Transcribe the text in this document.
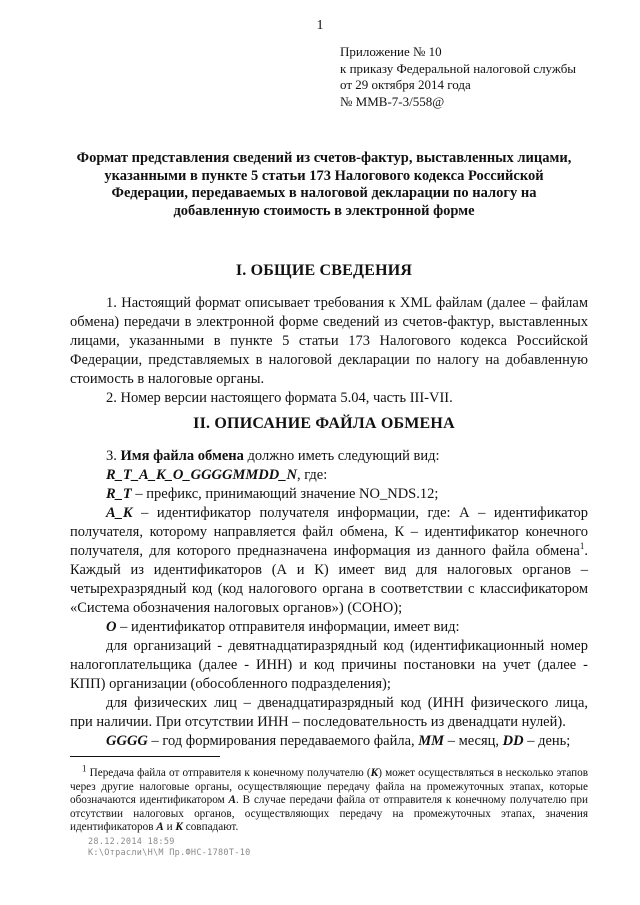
1
Приложение № 10
к приказу Федеральной налоговой службы
от 29 октября 2014 года
№ ММВ-7-3/558@
Формат представления сведений из счетов-фактур, выставленных лицами, указанными в пункте 5 статьи 173 Налогового кодекса Российской Федерации, передаваемых в налоговой декларации по налогу на добавленную стоимость в электронной форме
I. ОБЩИЕ СВЕДЕНИЯ

1. Настоящий формат описывает требования к XML файлам (далее – файлам обмена) передачи в электронной форме сведений из счетов-фактур, выставленных лицами, указанными в пункте 5 статьи 173 Налогового кодекса Российской Федерации, представляемых в налоговой декларации по налогу на добавленную стоимость в налоговые органы.

2. Номер версии настоящего формата 5.04, часть III-VII.

II. ОПИСАНИЕ ФАЙЛА ОБМЕНА

3. Имя файла обмена должно иметь следующий вид:

R_T_A_K_O_GGGGMMDD_N, где:

R_T – префикс, принимающий значение NO_NDS.12;

A_K – идентификатор получателя информации, где: А – идентификатор получателя, которому направляется файл обмена, К – идентификатор конечного получателя, для которого предназначена информация из данного файла обмена$^1$. Каждый из идентификаторов (А и К) имеет вид для налоговых органов – четырехразрядный код (код налогового органа в соответствии с классификатором «Система обозначения налоговых органов») (СОНО);

O – идентификатор отправителя информации, имеет вид:

для организаций - девятнадцатиразрядный код (идентификационный номер налогоплательщика (далее - ИНН) и код причины постановки на учет (далее - КПП) организации (обособленного подразделения);

для физических лиц – двенадцатиразрядный код (ИНН физического лица, при наличии. При отсутствии ИНН – последовательность из двенадцати нулей).

GGGG – год формирования передаваемого файла, MM – месяц, DD – день;

$^1$ Передача файла от отправителя к конечному получателю (К) может осуществляться в несколько этапов через другие налоговые органы, осуществляющие передачу файла на промежуточных этапах, которые обозначаются идентификатором А. В случае передачи файла от отправителя к конечному получателю при отсутствии налоговых органов, осуществляющих передачу на промежуточных этапах, значения идентификаторов А и К совпадают.

28.12.2014 18:59
К:\Отрасли\Н\М Пр.ФНС-1780Т-10
